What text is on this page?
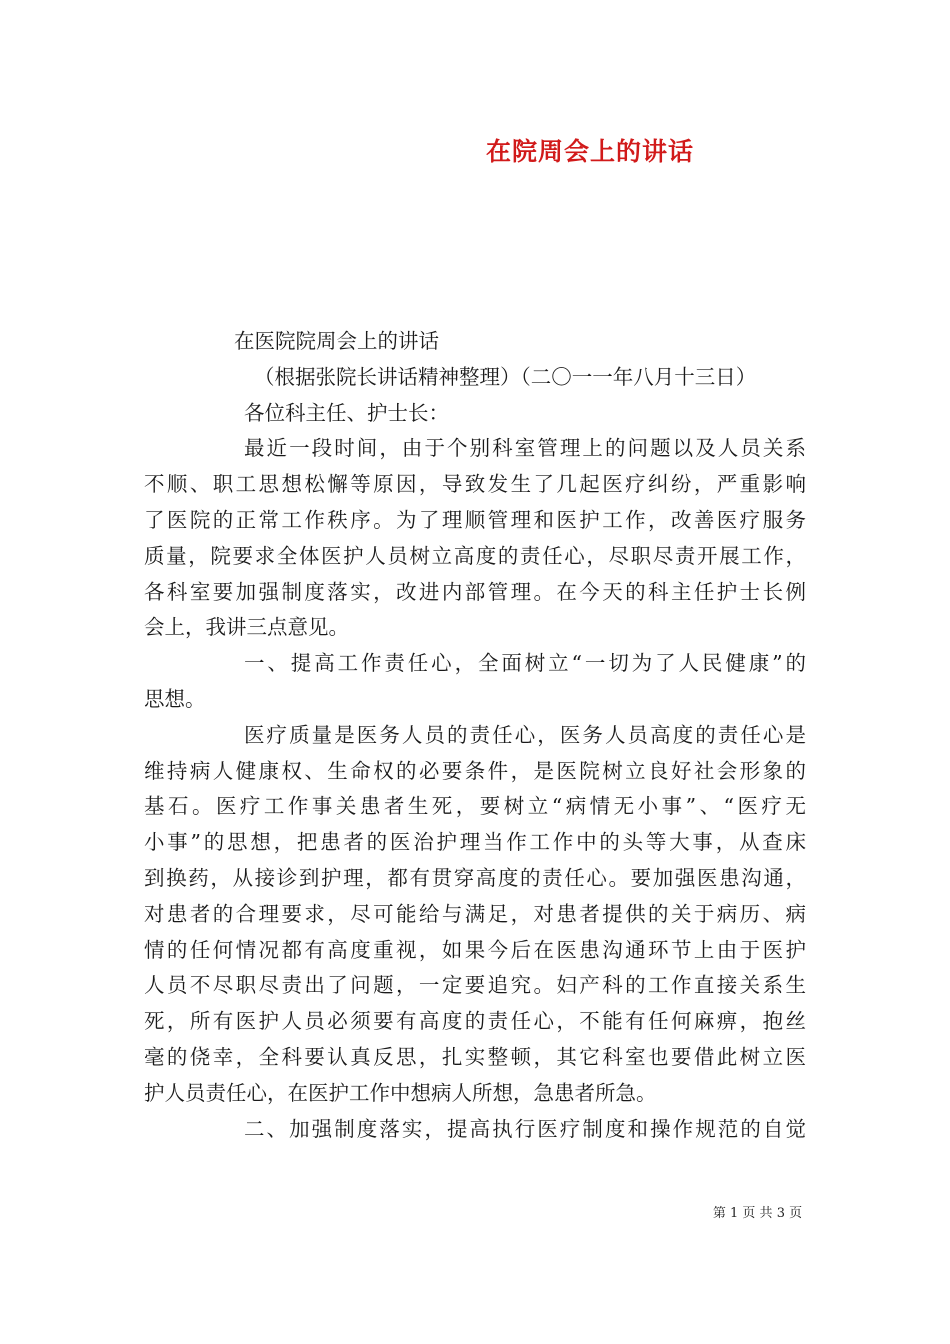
在院周会上的讲话
在医院院周会上的讲话
（根据张院长讲话精神整理）（二〇一一年八月十三日）
各位科主任、护士长：
最近一段时间，由于个别科室管理上的问题以及人员关系
不顺、职工思想松懈等原因，导致发生了几起医疗纠纷，严重影响
了医院的正常工作秩序。为了理顺管理和医护工作，改善医疗服务
质量，院要求全体医护人员树立高度的责任心，尽职尽责开展工作，
各科室要加强制度落实，改进内部管理。在今天的科主任护士长例
会上，我讲三点意见。
一、提高工作责任心，全面树立“一切为了人民健康”的
思想。
医疗质量是医务人员的责任心，医务人员高度的责任心是
维持病人健康权、生命权的必要条件，是医院树立良好社会形象的
基石。医疗工作事关患者生死，要树立“病情无小事”、“医疗无
小事”的思想，把患者的医治护理当作工作中的头等大事，从查床
到换药，从接诊到护理，都有贯穿高度的责任心。要加强医患沟通，
对患者的合理要求，尽可能给与满足，对患者提供的关于病历、病
情的任何情况都有高度重视，如果今后在医患沟通环节上由于医护
人员不尽职尽责出了问题，一定要追究。妇产科的工作直接关系生
死，所有医护人员必须要有高度的责任心，不能有任何麻痹，抱丝
毫的侥幸，全科要认真反思，扎实整顿，其它科室也要借此树立医
护人员责任心，在医护工作中想病人所想，急患者所急。
二、加强制度落实，提高执行医疗制度和操作规范的自觉
第 1 页 共 3 页
